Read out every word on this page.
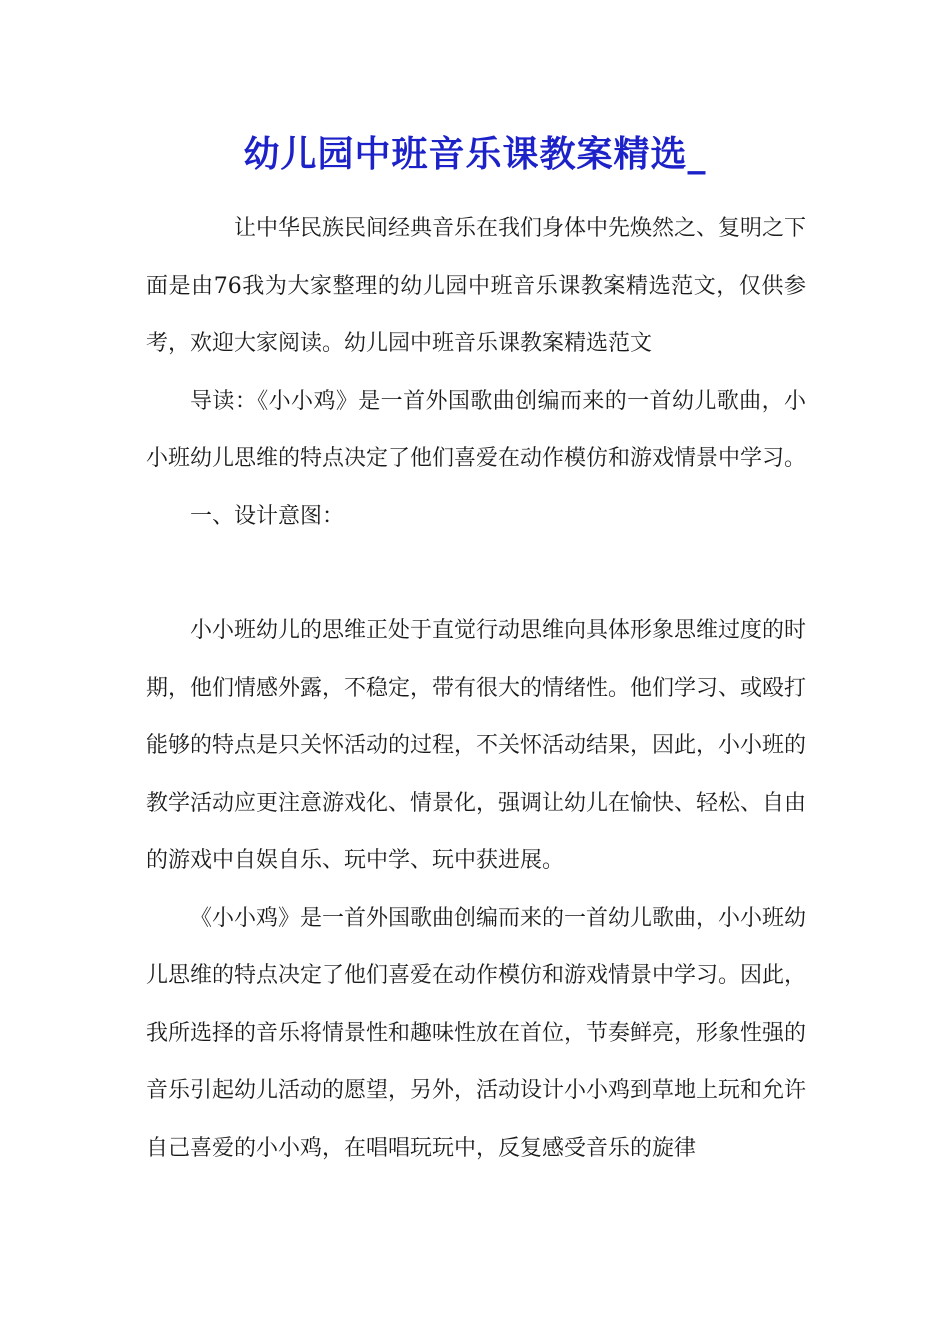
幼儿园中班音乐课教案精选_

让中华民族民间经典音乐在我们身体中先焕然之、复明之下面是由76我为大家整理的幼儿园中班音乐课教案精选范文，仅供参考，欢迎大家阅读。幼儿园中班音乐课教案精选范文

导读：《小小鸡》是一首外国歌曲创编而来的一首幼儿歌曲，小小班幼儿思维的特点决定了他们喜爱在动作模仿和游戏情景中学习。

一、设计意图：

小小班幼儿的思维正处于直觉行动思维向具体形象思维过度的时期，他们情感外露，不稳定，带有很大的情绪性。他们学习、或殴打能够的特点是只关怀活动的过程，不关怀活动结果，因此，小小班的教学活动应更注意游戏化、情景化，强调让幼儿在愉快、轻松、自由的游戏中自娱自乐、玩中学、玩中获进展。

《小小鸡》是一首外国歌曲创编而来的一首幼儿歌曲，小小班幼儿思维的特点决定了他们喜爱在动作模仿和游戏情景中学习。因此，我所选择的音乐将情景性和趣味性放在首位，节奏鲜亮，形象性强的音乐引起幼儿活动的愿望，另外，活动设计小小鸡到草地上玩和允许自己喜爱的小小鸡，在唱唱玩玩中，反复感受音乐的旋律
